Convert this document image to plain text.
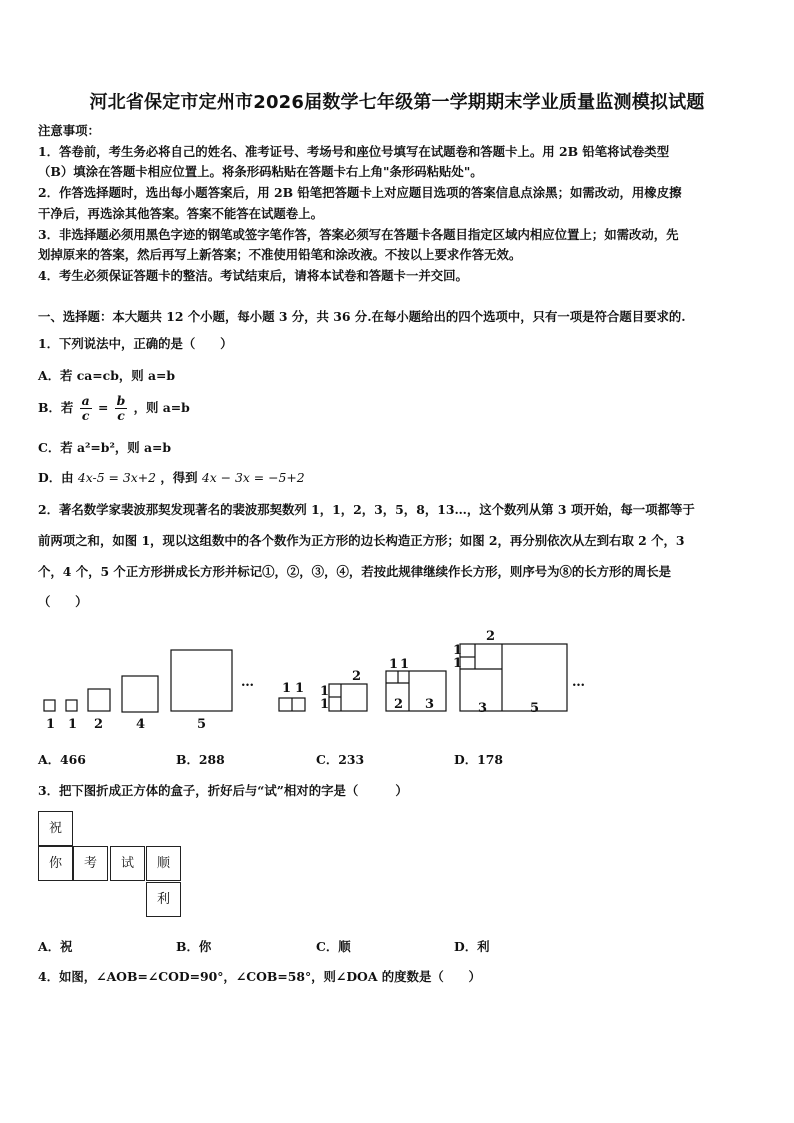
河北省保定市定州市2026届数学七年级第一学期期末学业质量监测模拟试题
注意事项：
1．答卷前，考生务必将自己的姓名、准考证号、考场号和座位号填写在试题卷和答题卡上。用 2B 铅笔将试卷类型
（B）填涂在答题卡相应位置上。将条形码粘贴在答题卡右上角"条形码粘贴处"。
2．作答选择题时，选出每小题答案后，用 2B 铅笔把答题卡上对应题目选项的答案信息点涂黑；如需改动，用橡皮擦
干净后，再选涂其他答案。答案不能答在试题卷上。
3．非选择题必须用黑色字迹的钢笔或签字笔作答，答案必须写在答题卡各题目指定区域内相应位置上；如需改动，先
划掉原来的答案，然后再写上新答案；不准使用铅笔和涂改液。不按以上要求作答无效。
4．考生必须保证答题卡的整洁。考试结束后，请将本试卷和答题卡一并交回。
一、选择题：本大题共 12 个小题，每小题 3 分，共 36 分.在每小题给出的四个选项中，只有一项是符合题目要求的.
1．下列说法中，正确的是（　　）
A．若 ca=cb，则 a=b
B．若 $\frac{a}{c} = \frac{b}{c}$ ，则 a=b
C．若 a²=b²，则 a=b
D．由 4x-5 = 3x+2 ，得到 4x − 3x = −5+2
2．著名数学家裴波那契发现著名的裴波那契数列 1，1，2，3，5，8，13…，这个数列从第 3 项开始，每一项都等于
前两项之和，如图 1，现以这组数中的各个数作为正方形的边长构造正方形；如图 2，再分别依次从左到右取 2 个，3
个，4 个，5 个正方形拼成长方形并标记①，②，③，④，若按此规律继续作长方形，则序号为⑧的长方形的周长是
（　　）
1 1 2	4	5
… 1 1
2
1
1
1 1
2 3
2
1
1
3	5
…
A．466	B．288	C．233	D．178
3．把下图折成正方体的盒子，折好后与“试”相对的字是（　　　）
祝
你	考	试	顺
利
A．祝	B．你	C．顺	D．利
4．如图，∠AOB=∠COD=90°，∠COB=58°，则∠DOA 的度数是（　　）
